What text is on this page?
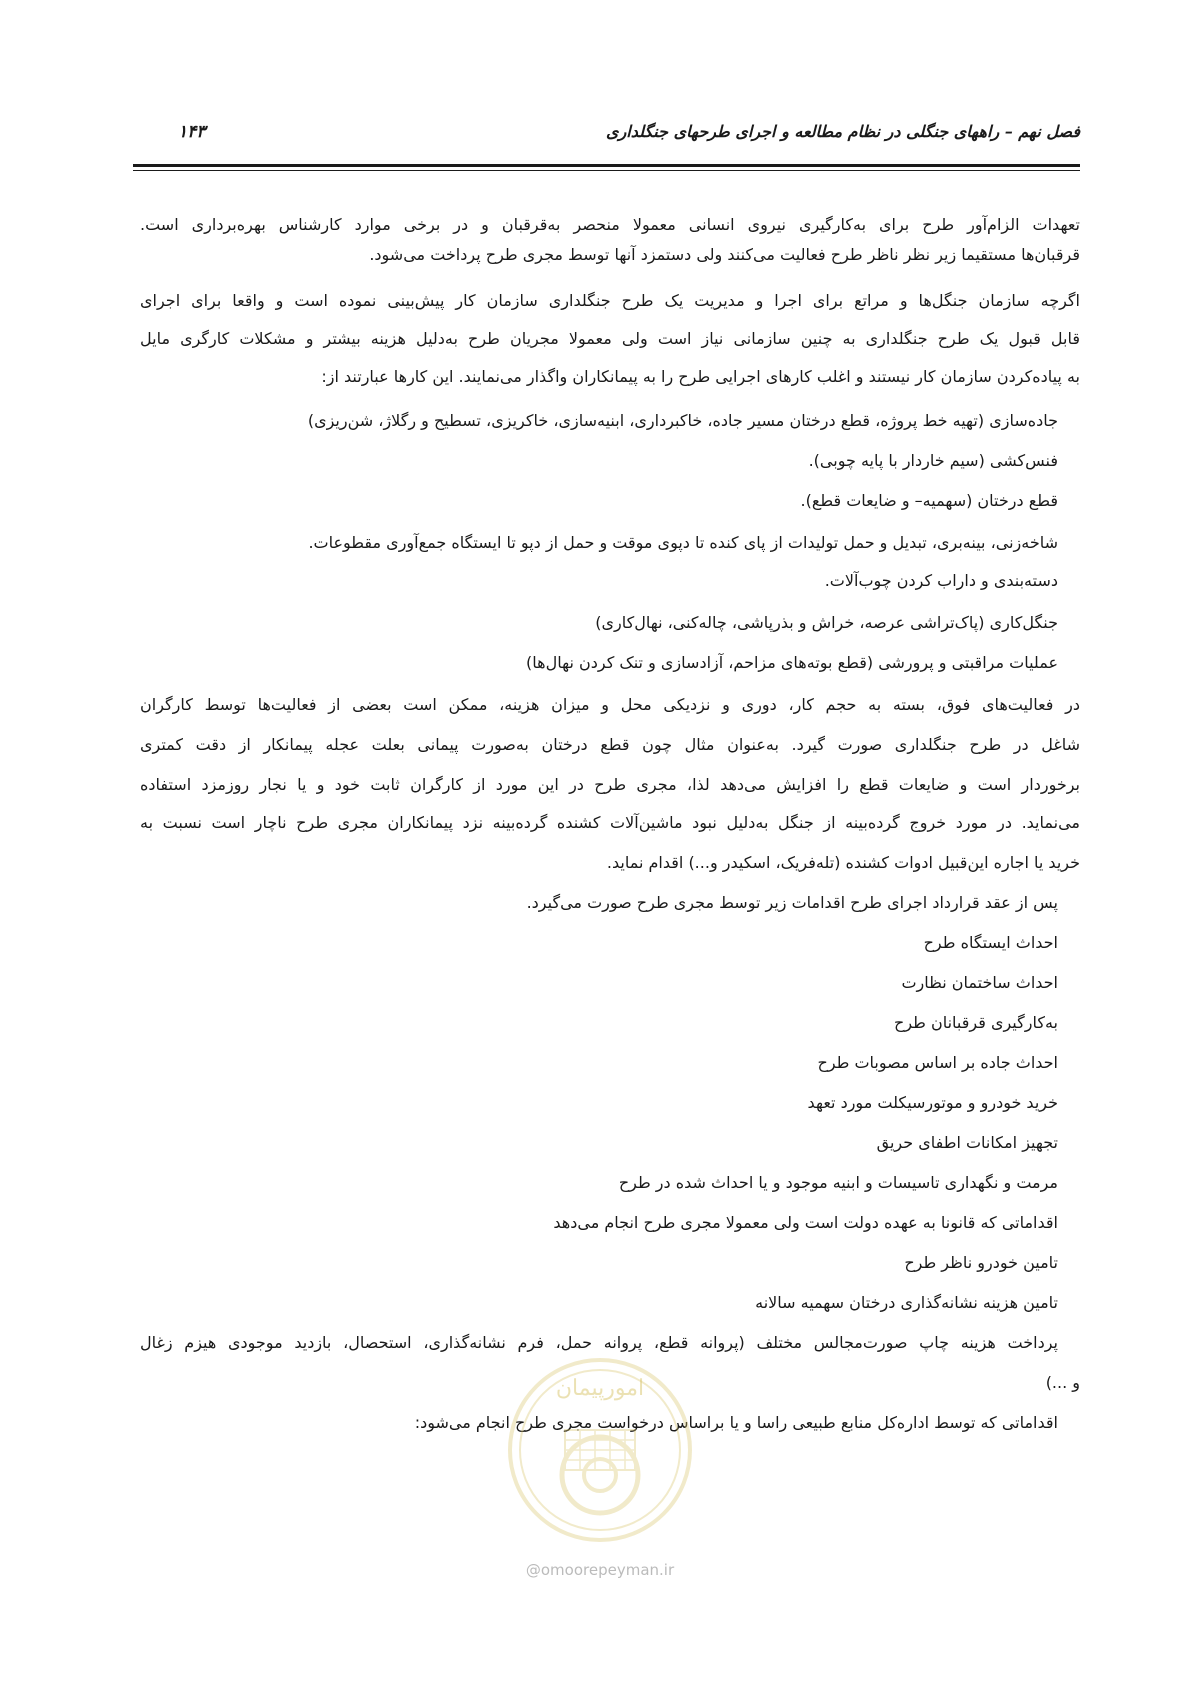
فصل نهم – راههای جنگلی در نظام مطالعه و اجرای طرحهای جنگلداری
۱۴۳
تعهدات الزام‌آور طرح برای به‌کارگیری نیروی انسانی معمولا منحصر به‌قرقبان و در برخی موارد کارشناس بهره‌برداری است.
قرقبان‌ها مستقیما زیر نظر ناظر طرح فعالیت می‌کنند ولی دستمزد آنها توسط مجری طرح پرداخت می‌شود.
اگرچه سازمان جنگل‌ها و مراتع برای اجرا و مدیریت یک طرح جنگلداری سازمان کار پیش‌بینی نموده است و واقعا برای اجرای
قابل قبول یک طرح جنگلداری به چنین سازمانی نیاز است ولی معمولا مجریان طرح به‌دلیل هزینه بیشتر و مشکلات کارگری مایل
به پیاده‌کردن سازمان کار نیستند و اغلب کارهای اجرایی طرح را به پیمانکاران واگذار می‌نمایند. این کارها عبارتند از:
جاده‌سازی (تهیه خط پروژه، قطع درختان مسیر جاده، خاکبرداری، ابنیه‌سازی، خاکریزی، تسطیح و رگلاژ، شن‌ریزی)
فنس‌کشی (سیم خاردار با پایه چوبی).
قطع درختان (سهمیه– و ضایعات قطع).
شاخه‌زنی، بینه‌بری، تبدیل و حمل تولیدات از پای کنده تا دپوی موقت و حمل از دپو تا ایستگاه جمع‌آوری مقطوعات.
دسته‌بندی و داراب کردن چوب‌آلات.
جنگل‌کاری (پاک‌تراشی عرصه، خراش و بذرپاشی، چاله‌کنی، نهال‌کاری)
عملیات مراقبتی و پرورشی (قطع بوته‌های مزاحم، آزادسازی و تنک کردن نهال‌ها)
در فعالیت‌های فوق، بسته به حجم کار، دوری و نزدیکی محل و میزان هزینه، ممکن است بعضی از فعالیت‌ها توسط کارگران
شاغل در طرح جنگلداری صورت گیرد. به‌عنوان مثال چون قطع درختان به‌صورت پیمانی بعلت عجله پیمانکار از دقت کمتری
برخوردار است و ضایعات قطع را افزایش می‌دهد لذا، مجری طرح در این مورد از کارگران ثابت خود و یا نجار روزمزد استفاده
می‌نماید. در مورد خروج گرده‌بینه از جنگل به‌دلیل نبود ماشین‌آلات کشنده گرده‌بینه نزد پیمانکاران مجری طرح ناچار است نسبت به
خرید یا اجاره این‌قبیل ادوات کشنده (تله‌فریک، اسکیدر و...) اقدام نماید.
پس از عقد قرارداد اجرای طرح اقدامات زیر توسط مجری طرح صورت می‌گیرد.
احداث ایستگاه طرح
احداث ساختمان نظارت
به‌کارگیری قرقبانان طرح
احداث جاده بر اساس مصوبات طرح
خرید خودرو و موتورسیکلت مورد تعهد
تجهیز امکانات اطفای حریق
مرمت و نگهداری تاسیسات و ابنیه موجود و یا احداث شده در طرح
اقداماتی که قانونا به عهده دولت است ولی معمولا مجری طرح انجام می‌دهد
تامین خودرو ناظر طرح
تامین هزینه نشانه‌گذاری درختان سهمیه سالانه
پرداخت هزینه چاپ صورت‌مجالس مختلف (پروانه قطع، پروانه حمل، فرم نشانه‌گذاری، استحصال، بازدید موجودی هیزم زغال
و ...)
اقداماتی که توسط اداره‌کل منابع طبیعی راسا و یا براساس درخواست مجری طرح انجام می‌شود:
امورپیمان
@omoorepeyman.ir
